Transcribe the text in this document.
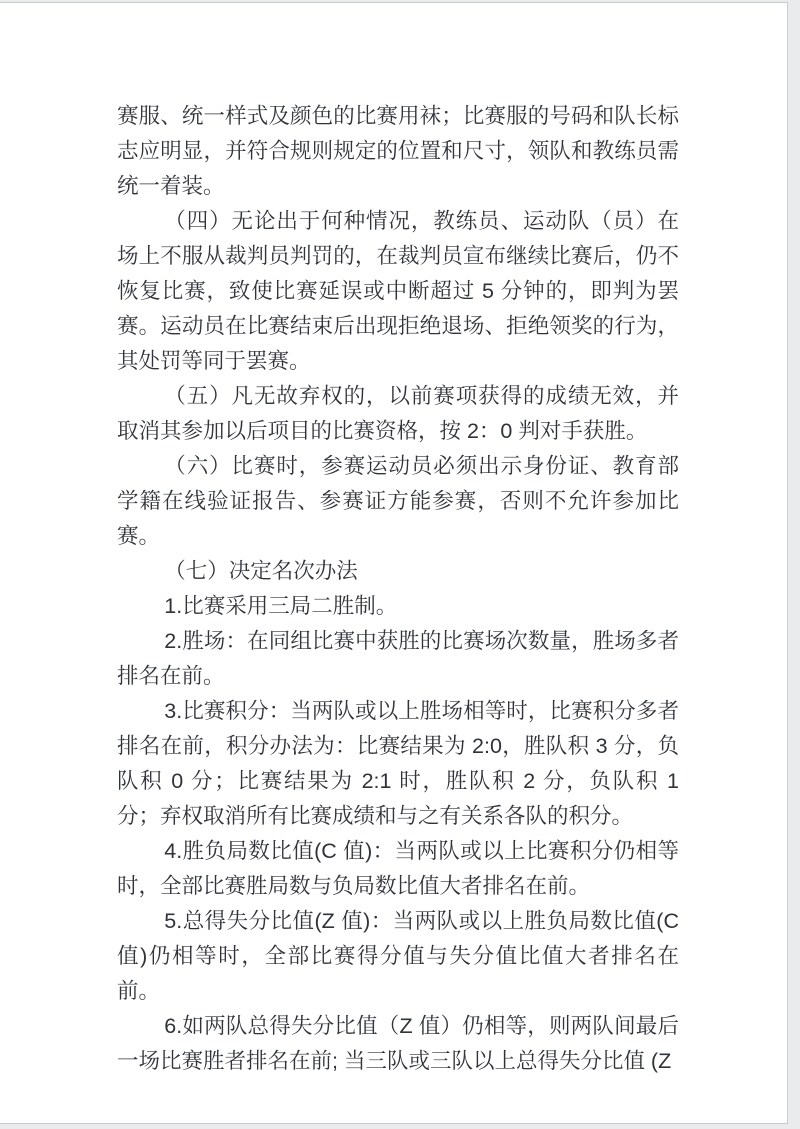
赛服、统一样式及颜色的比赛用袜；比赛服的号码和队长标志应明显，并符合规则规定的位置和尺寸，领队和教练员需统一着装。

（四）无论出于何种情况，教练员、运动队（员）在场上不服从裁判员判罚的，在裁判员宣布继续比赛后，仍不恢复比赛，致使比赛延误或中断超过 5 分钟的，即判为罢赛。运动员在比赛结束后出现拒绝退场、拒绝领奖的行为，其处罚等同于罢赛。

（五）凡无故弃权的，以前赛项获得的成绩无效，并取消其参加以后项目的比赛资格，按 2：0 判对手获胜。

（六）比赛时，参赛运动员必须出示身份证、教育部学籍在线验证报告、参赛证方能参赛，否则不允许参加比赛。

（七）决定名次办法

1.比赛采用三局二胜制。

2.胜场：在同组比赛中获胜的比赛场次数量，胜场多者排名在前。

3.比赛积分：当两队或以上胜场相等时，比赛积分多者排名在前，积分办法为：比赛结果为 2:0，胜队积 3 分，负队积 0 分；比赛结果为 2:1 时，胜队积 2 分，负队积 1 分；弃权取消所有比赛成绩和与之有关系各队的积分。

4.胜负局数比值(C 值)：当两队或以上比赛积分仍相等时，全部比赛胜局数与负局数比值大者排名在前。

5.总得失分比值(Z 值)：当两队或以上胜负局数比值(C 值)仍相等时，全部比赛得分值与失分值比值大者排名在前。

6.如两队总得失分比值（Z 值）仍相等，则两队间最后一场比赛胜者排名在前; 当三队或三队以上总得失分比值 (Z
